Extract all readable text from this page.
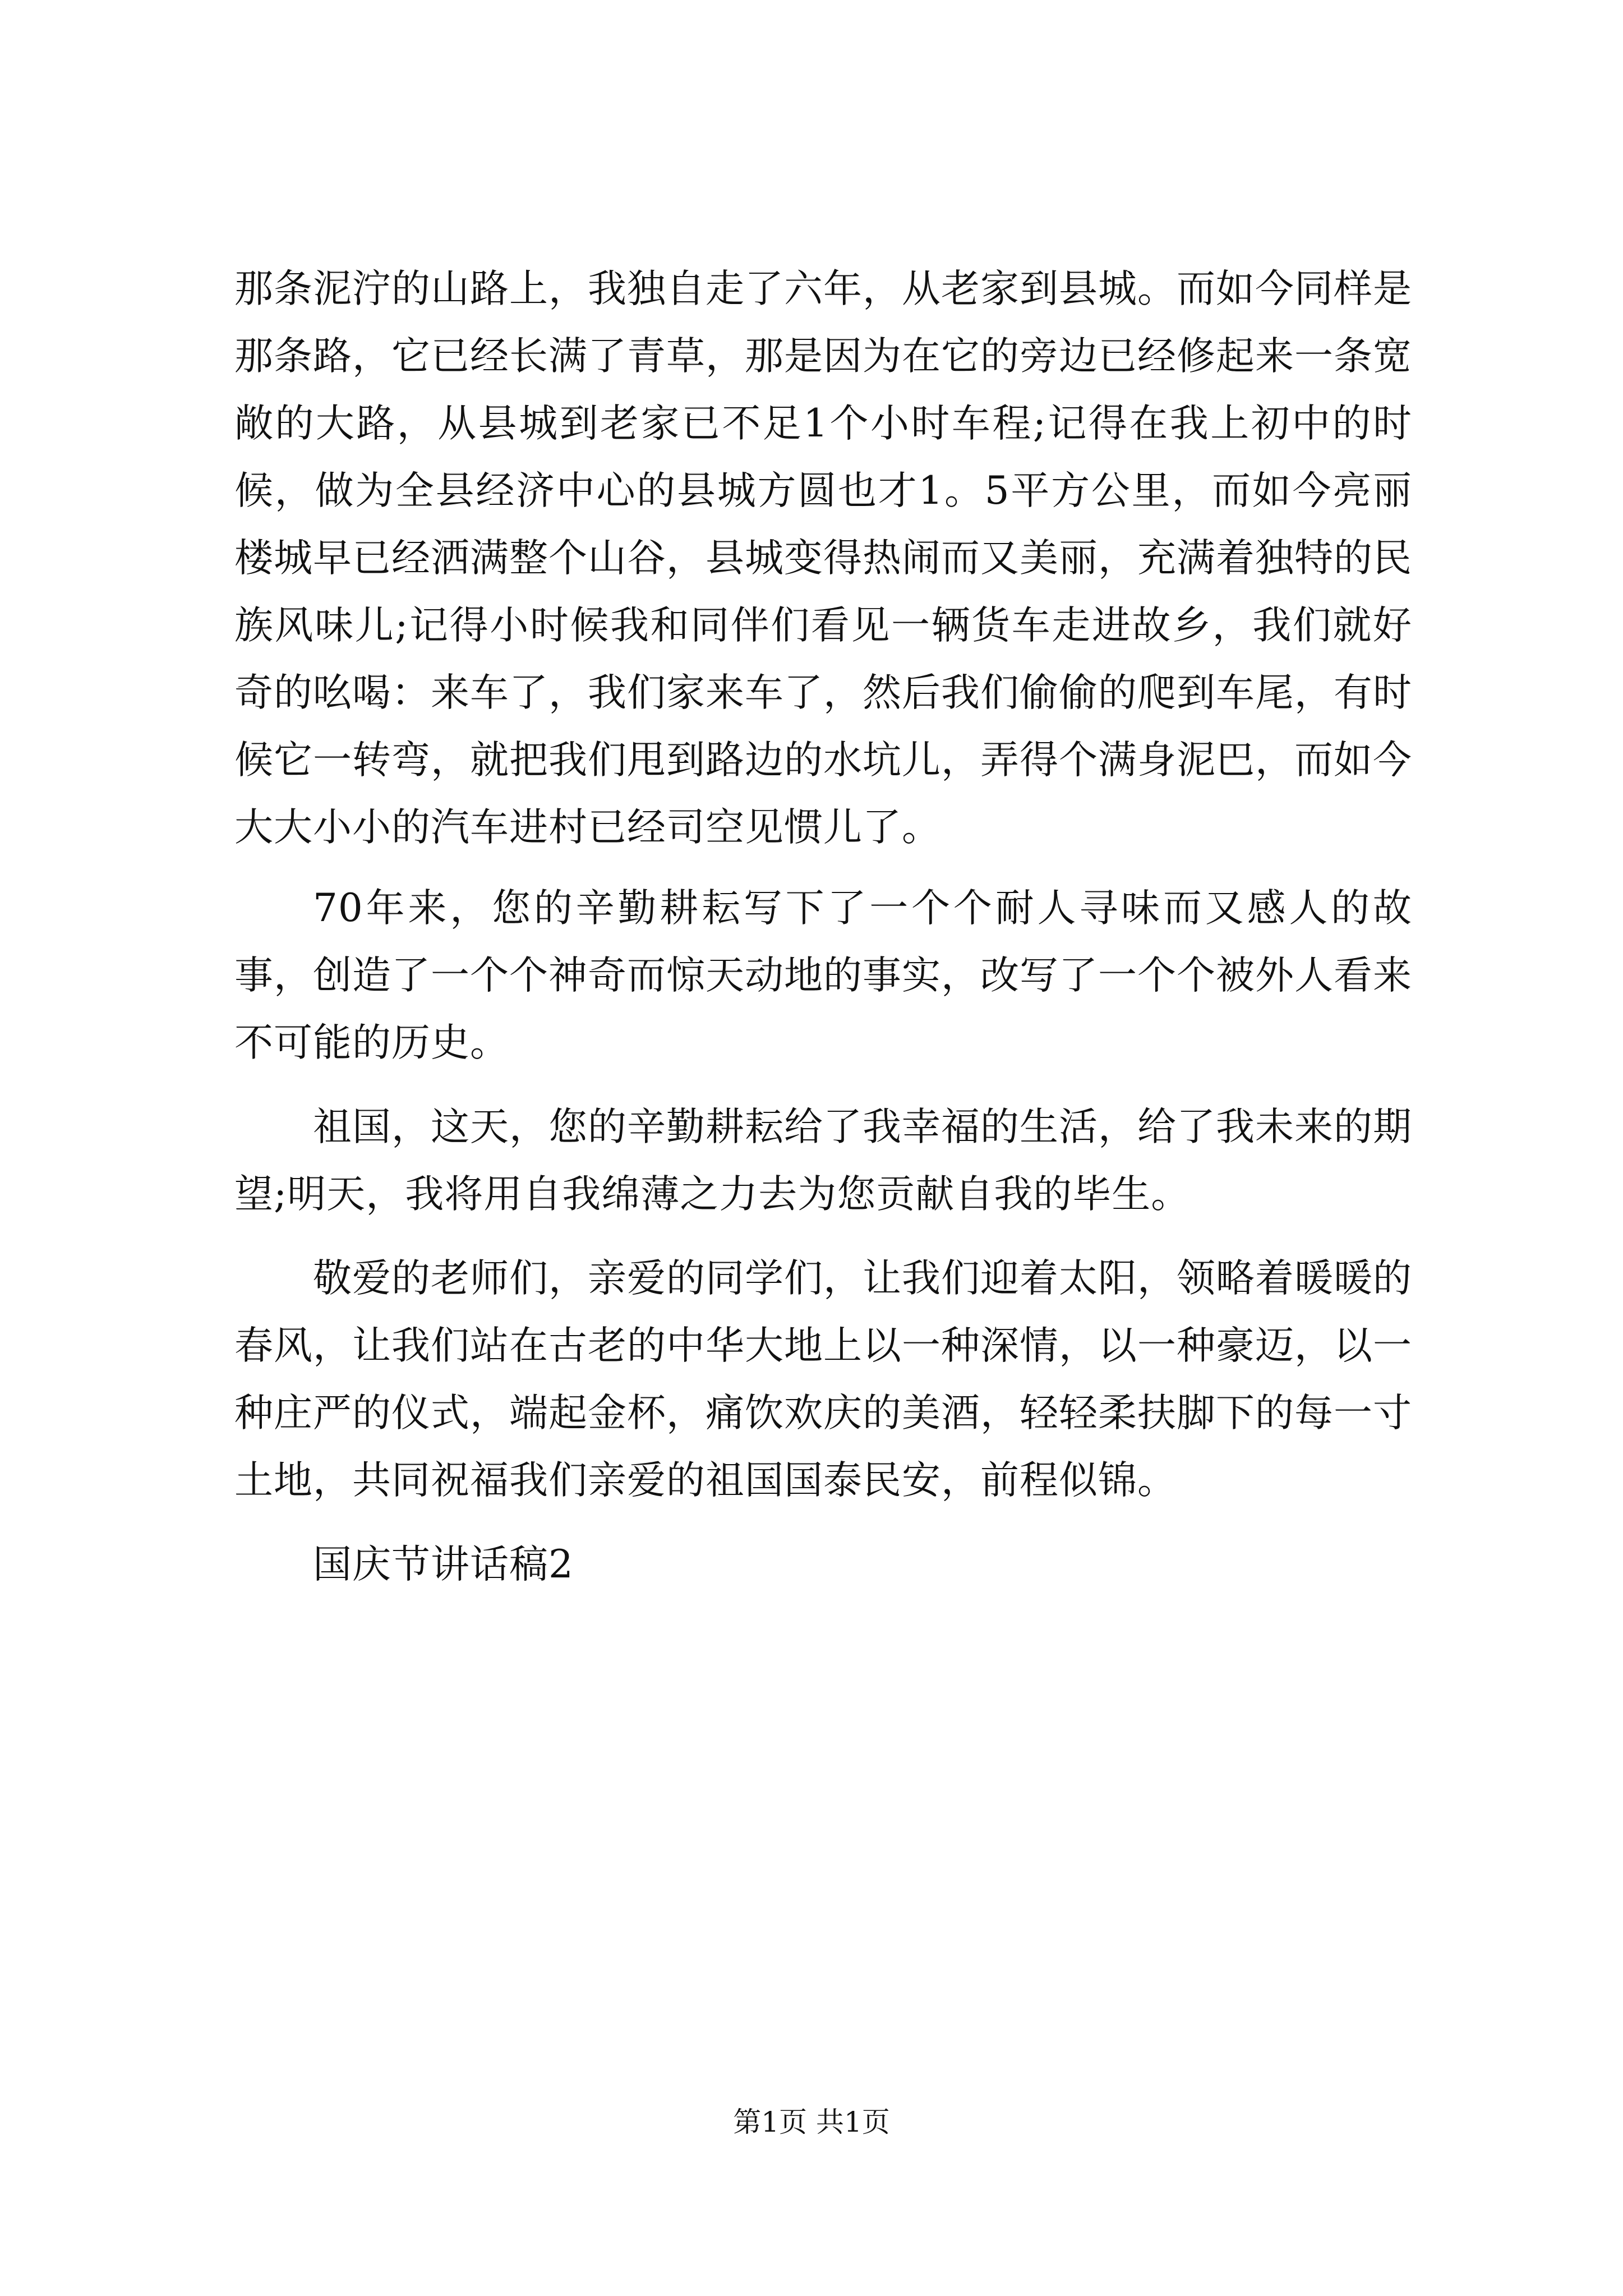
那条泥泞的山路上，我独自走了六年，从老家到县城。而如今同样是那条路，它已经长满了青草，那是因为在它的旁边已经修起来一条宽敞的大路，从县城到老家已不足1个小时车程;记得在我上初中的时候，做为全县经济中心的县城方圆也才1。5平方公里，而如今亮丽楼城早已经洒满整个山谷，县城变得热闹而又美丽，充满着独特的民族风味儿;记得小时候我和同伴们看见一辆货车走进故乡，我们就好奇的吆喝：来车了，我们家来车了，然后我们偷偷的爬到车尾，有时候它一转弯，就把我们甩到路边的水坑儿，弄得个满身泥巴，而如今大大小小的汽车进村已经司空见惯儿了。

70年来，您的辛勤耕耘写下了一个个耐人寻味而又感人的故事，创造了一个个神奇而惊天动地的事实，改写了一个个被外人看来不可能的历史。

祖国，这天，您的辛勤耕耘给了我幸福的生活，给了我未来的期望;明天，我将用自我绵薄之力去为您贡献自我的毕生。

敬爱的老师们，亲爱的同学们，让我们迎着太阳，领略着暖暖的春风，让我们站在古老的中华大地上以一种深情，以一种豪迈，以一种庄严的仪式，端起金杯，痛饮欢庆的美酒，轻轻柔扶脚下的每一寸土地，共同祝福我们亲爱的祖国国泰民安，前程似锦。

国庆节讲话稿2

第1页 共1页
